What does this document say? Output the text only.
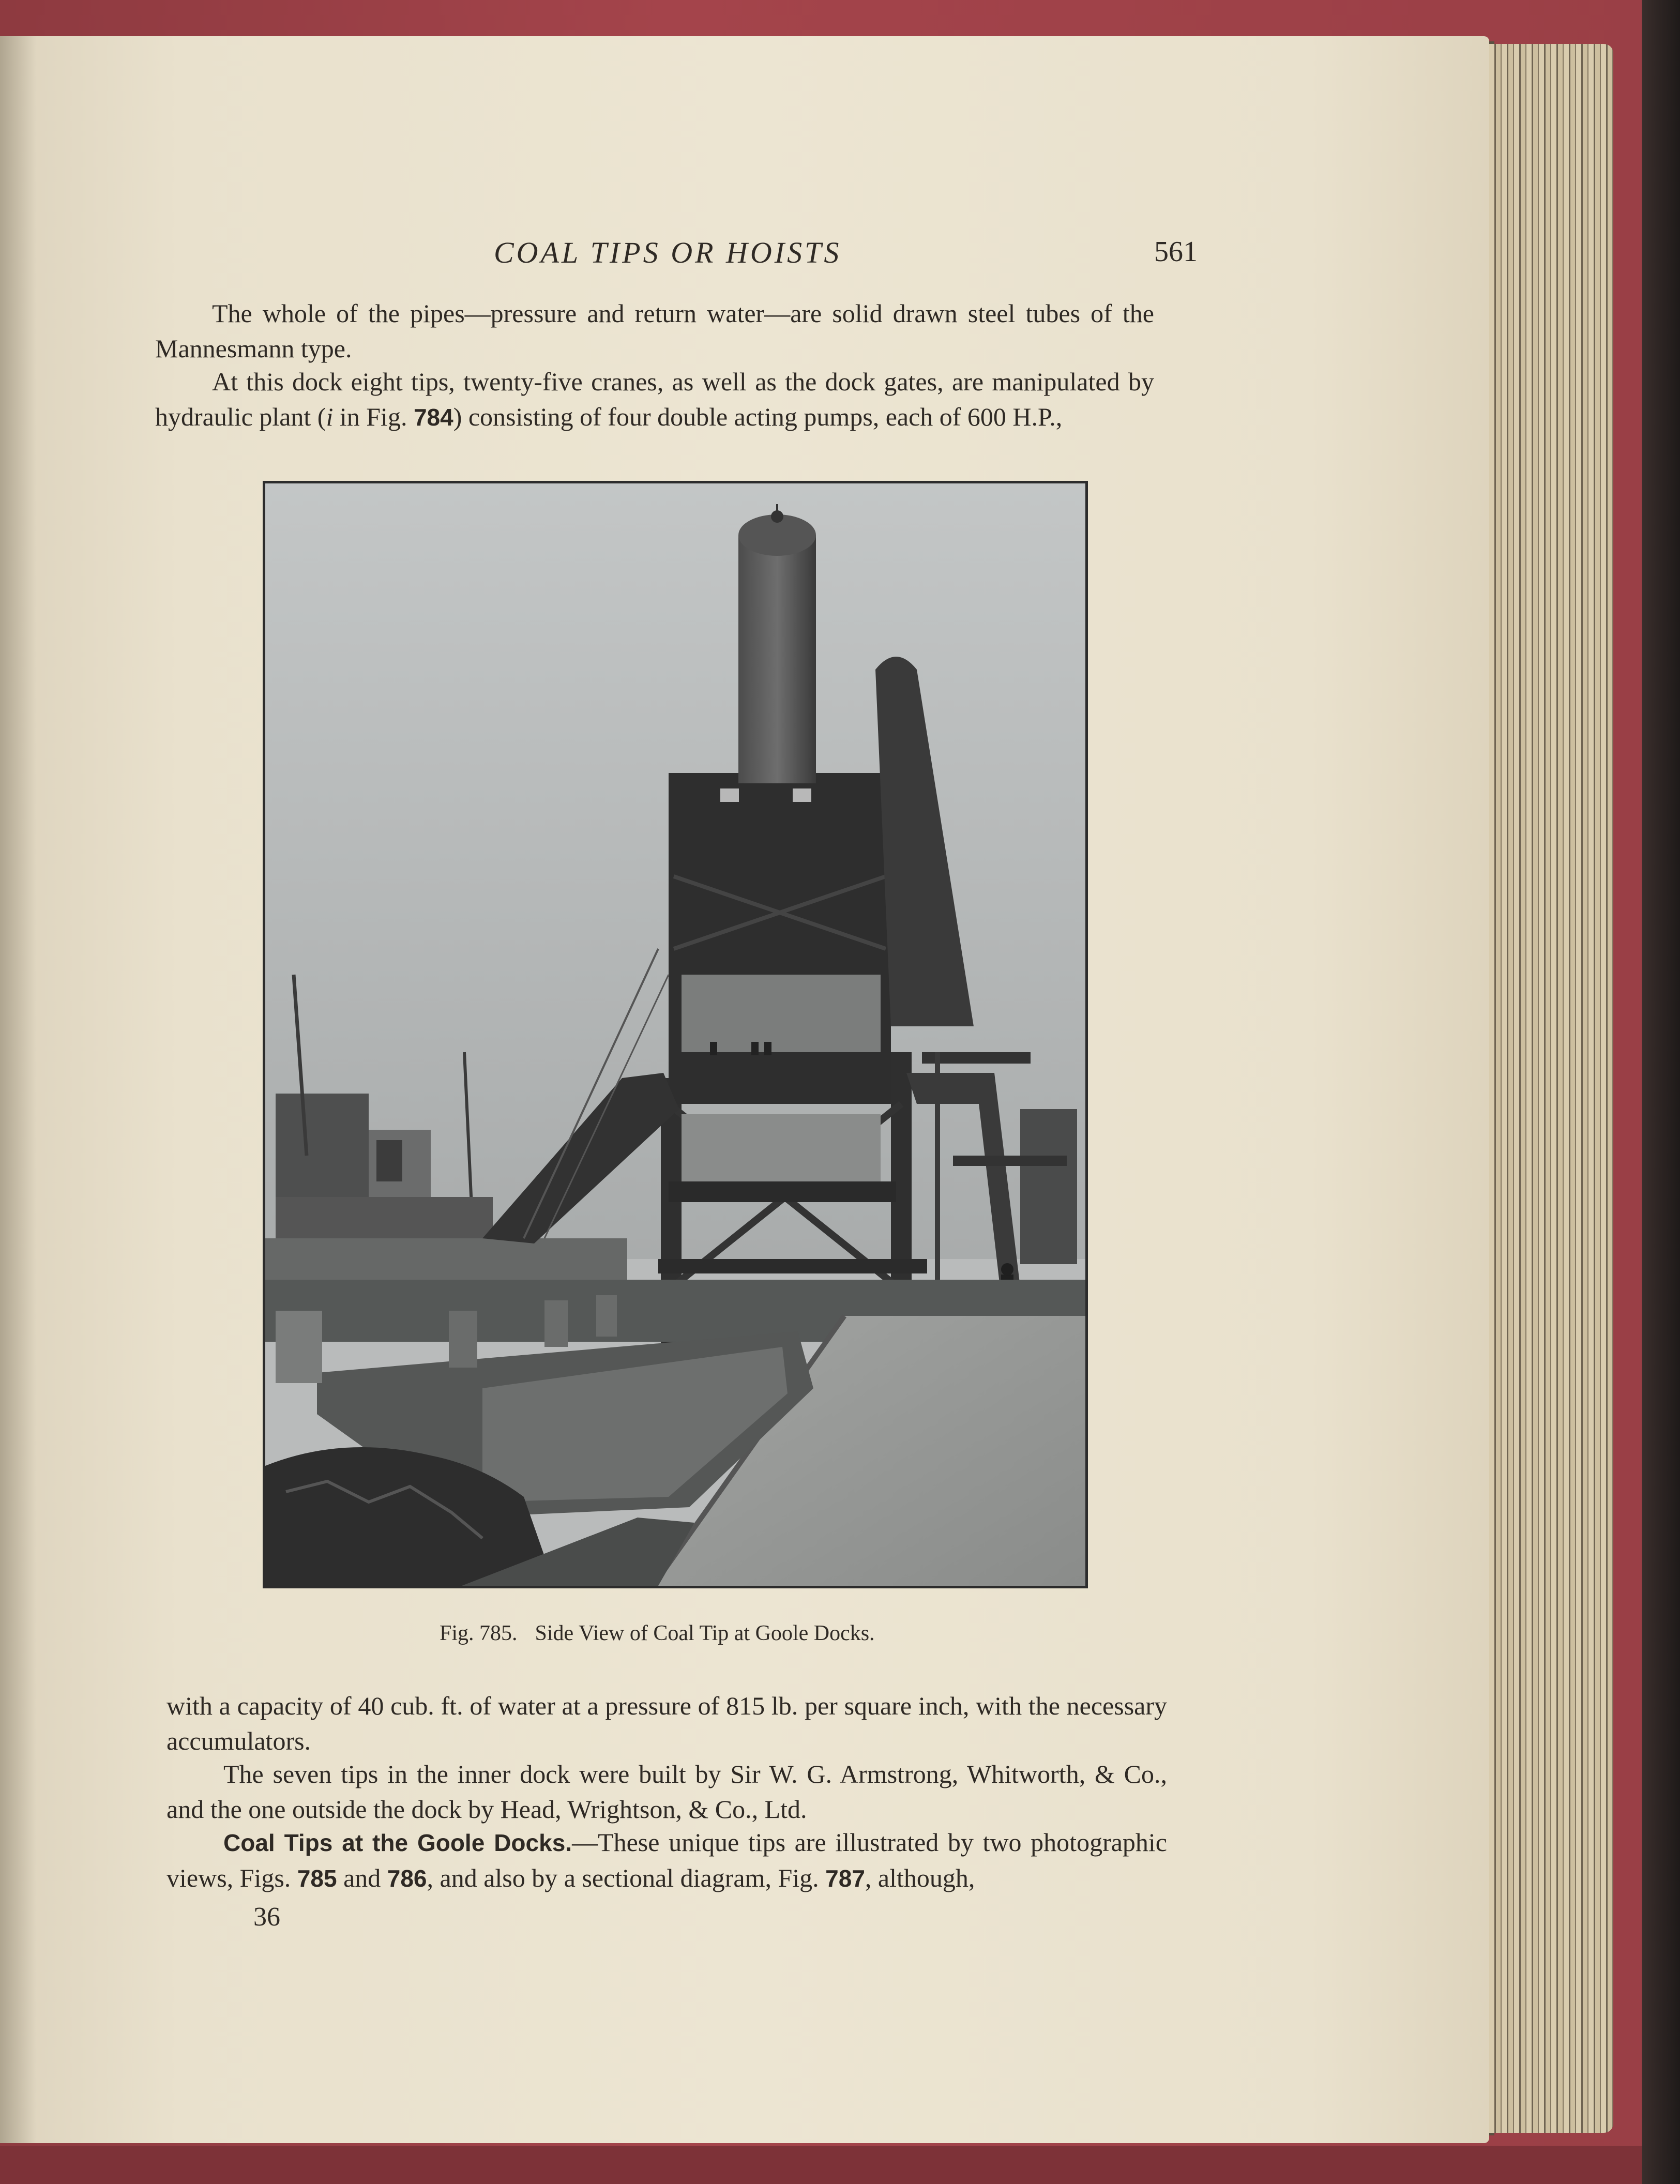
COAL TIPS OR HOISTS	561

The whole of the pipes—pressure and return water—are solid drawn steel tubes of the Mannesmann type.

At this dock eight tips, twenty-five cranes, as well as the dock gates, are manipulated by hydraulic plant (i in Fig. 784) consisting of four double acting pumps, each of 600 H.P.,

Fig. 785. Side View of Coal Tip at Goole Docks.

with a capacity of 40 cub. ft. of water at a pressure of 815 lb. per square inch, with the necessary accumulators.

The seven tips in the inner dock were built by Sir W. G. Armstrong, Whitworth, & Co., and the one outside the dock by Head, Wrightson, & Co., Ltd.

Coal Tips at the Goole Docks.—These unique tips are illustrated by two photographic views, Figs. 785 and 786, and also by a sectional diagram, Fig. 787, although,

36
